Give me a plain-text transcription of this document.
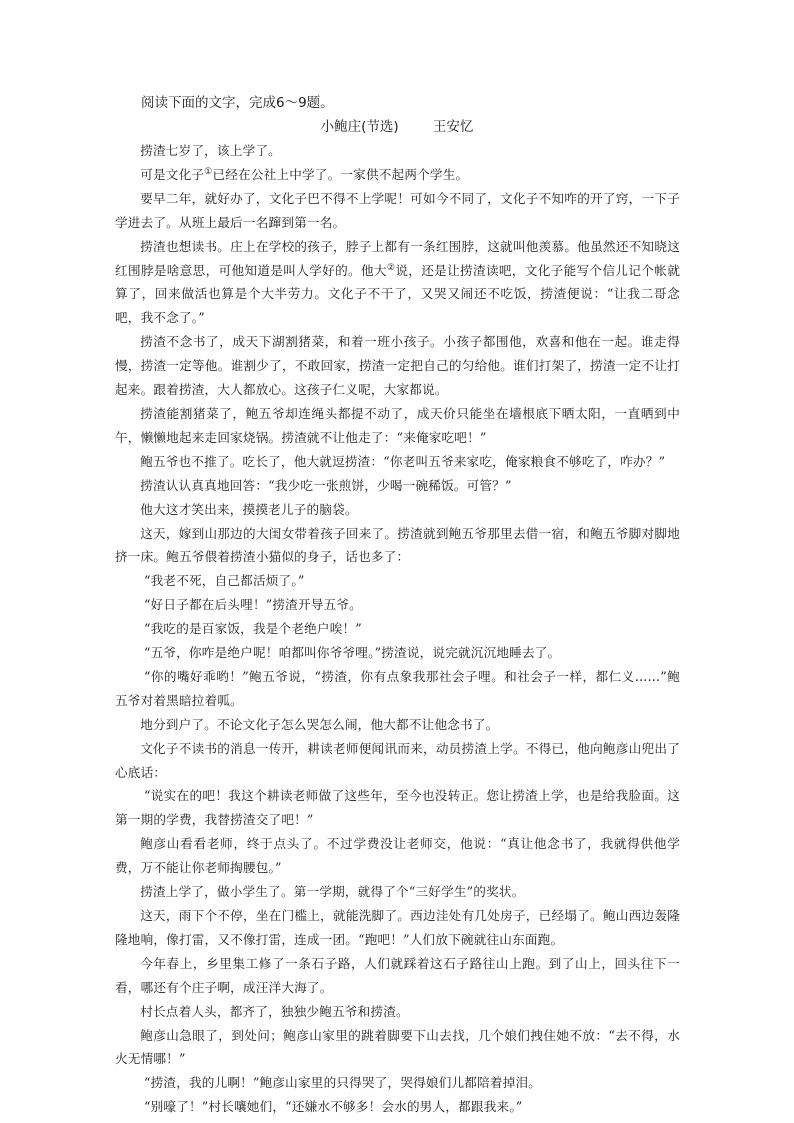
阅读下面的文字，完成6～9题。
小鲍庄(节选)	王安忆

捞渣七岁了，该上学了。

可是文化子①已经在公社上中学了。一家供不起两个学生。

要早二年，就好办了，文化子巴不得不上学呢！可如今不同了，文化子不知咋的开了窍，一下子学进去了。从班上最后一名蹿到第一名。

捞渣也想读书。庄上在学校的孩子，脖子上都有一条红围脖，这就叫他羡慕。他虽然还不知晓这红围脖是啥意思，可他知道是叫人学好的。他大②说，还是让捞渣读吧，文化子能写个信儿记个帐就算了，回来做活也算是个大半劳力。文化子不干了，又哭又闹还不吃饭，捞渣便说：“让我二哥念吧，我不念了。”

捞渣不念书了，成天下湖割猪菜，和着一班小孩子。小孩子都围他，欢喜和他在一起。谁走得慢，捞渣一定等他。谁割少了，不敢回家，捞渣一定把自己的匀给他。谁们打架了，捞渣一定不让打起来。跟着捞渣，大人都放心。这孩子仁义呢，大家都说。

捞渣能割猪菜了，鲍五爷却连绳头都提不动了，成天价只能坐在墙根底下晒太阳，一直晒到中午，懒懒地起来走回家烧锅。捞渣就不让他走了：“来俺家吃吧！”

鲍五爷也不推了。吃长了，他大就逗捞渣：“你老叫五爷来家吃，俺家粮食不够吃了，咋办？”

捞渣认认真真地回答：“我少吃一张煎饼，少喝一碗稀饭。可管？”

他大这才笑出来，摸摸老儿子的脑袋。

这天，嫁到山那边的大闺女带着孩子回来了。捞渣就到鲍五爷那里去借一宿，和鲍五爷脚对脚地挤一床。鲍五爷偎着捞渣小猫似的身子，话也多了：

“我老不死，自己都活烦了。”

“好日子都在后头哩！”捞渣开导五爷。

“我吃的是百家饭，我是个老绝户唉！”

“五爷，你咋是绝户呢！咱都叫你爷爷哩。”捞渣说，说完就沉沉地睡去了。

“你的嘴好乖哟！”鲍五爷说，“捞渣，你有点象我那社会子哩。和社会子一样，都仁义……”鲍五爷对着黑暗拉着呱。

地分到户了。不论文化子怎么哭怎么闹，他大都不让他念书了。

文化子不读书的消息一传开，耕读老师便闻讯而来，动员捞渣上学。不得已，他向鲍彦山兜出了心底话：

“说实在的吧！我这个耕读老师做了这些年，至今也没转正。您让捞渣上学，也是给我脸面。这第一期的学费，我替捞渣交了吧！”

鲍彦山看看老师，终于点头了。不过学费没让老师交，他说：“真让他念书了，我就得供他学费，万不能让你老师掏腰包。”

捞渣上学了，做小学生了。第一学期，就得了个“三好学生”的奖状。

这天，雨下个不停，坐在门槛上，就能洗脚了。西边洼处有几处房子，已经塌了。鲍山西边轰隆隆地响，像打雷，又不像打雷，连成一团。“跑吧！”人们放下碗就往山东面跑。

今年春上，乡里集工修了一条石子路，人们就踩着这石子路往山上跑。到了山上，回头往下一看，哪还有个庄子啊，成汪洋大海了。

村长点着人头，都齐了，独独少鲍五爷和捞渣。

鲍彦山急眼了，到处问；鲍彦山家里的跳着脚要下山去找，几个娘们拽住她不放：“去不得，水火无情哪！”

“捞渣，我的儿啊！”鲍彦山家里的只得哭了，哭得娘们儿都陪着掉泪。

“别嚎了！”村长嚷她们，“还嫌水不够多！会水的男人，都跟我来。”
